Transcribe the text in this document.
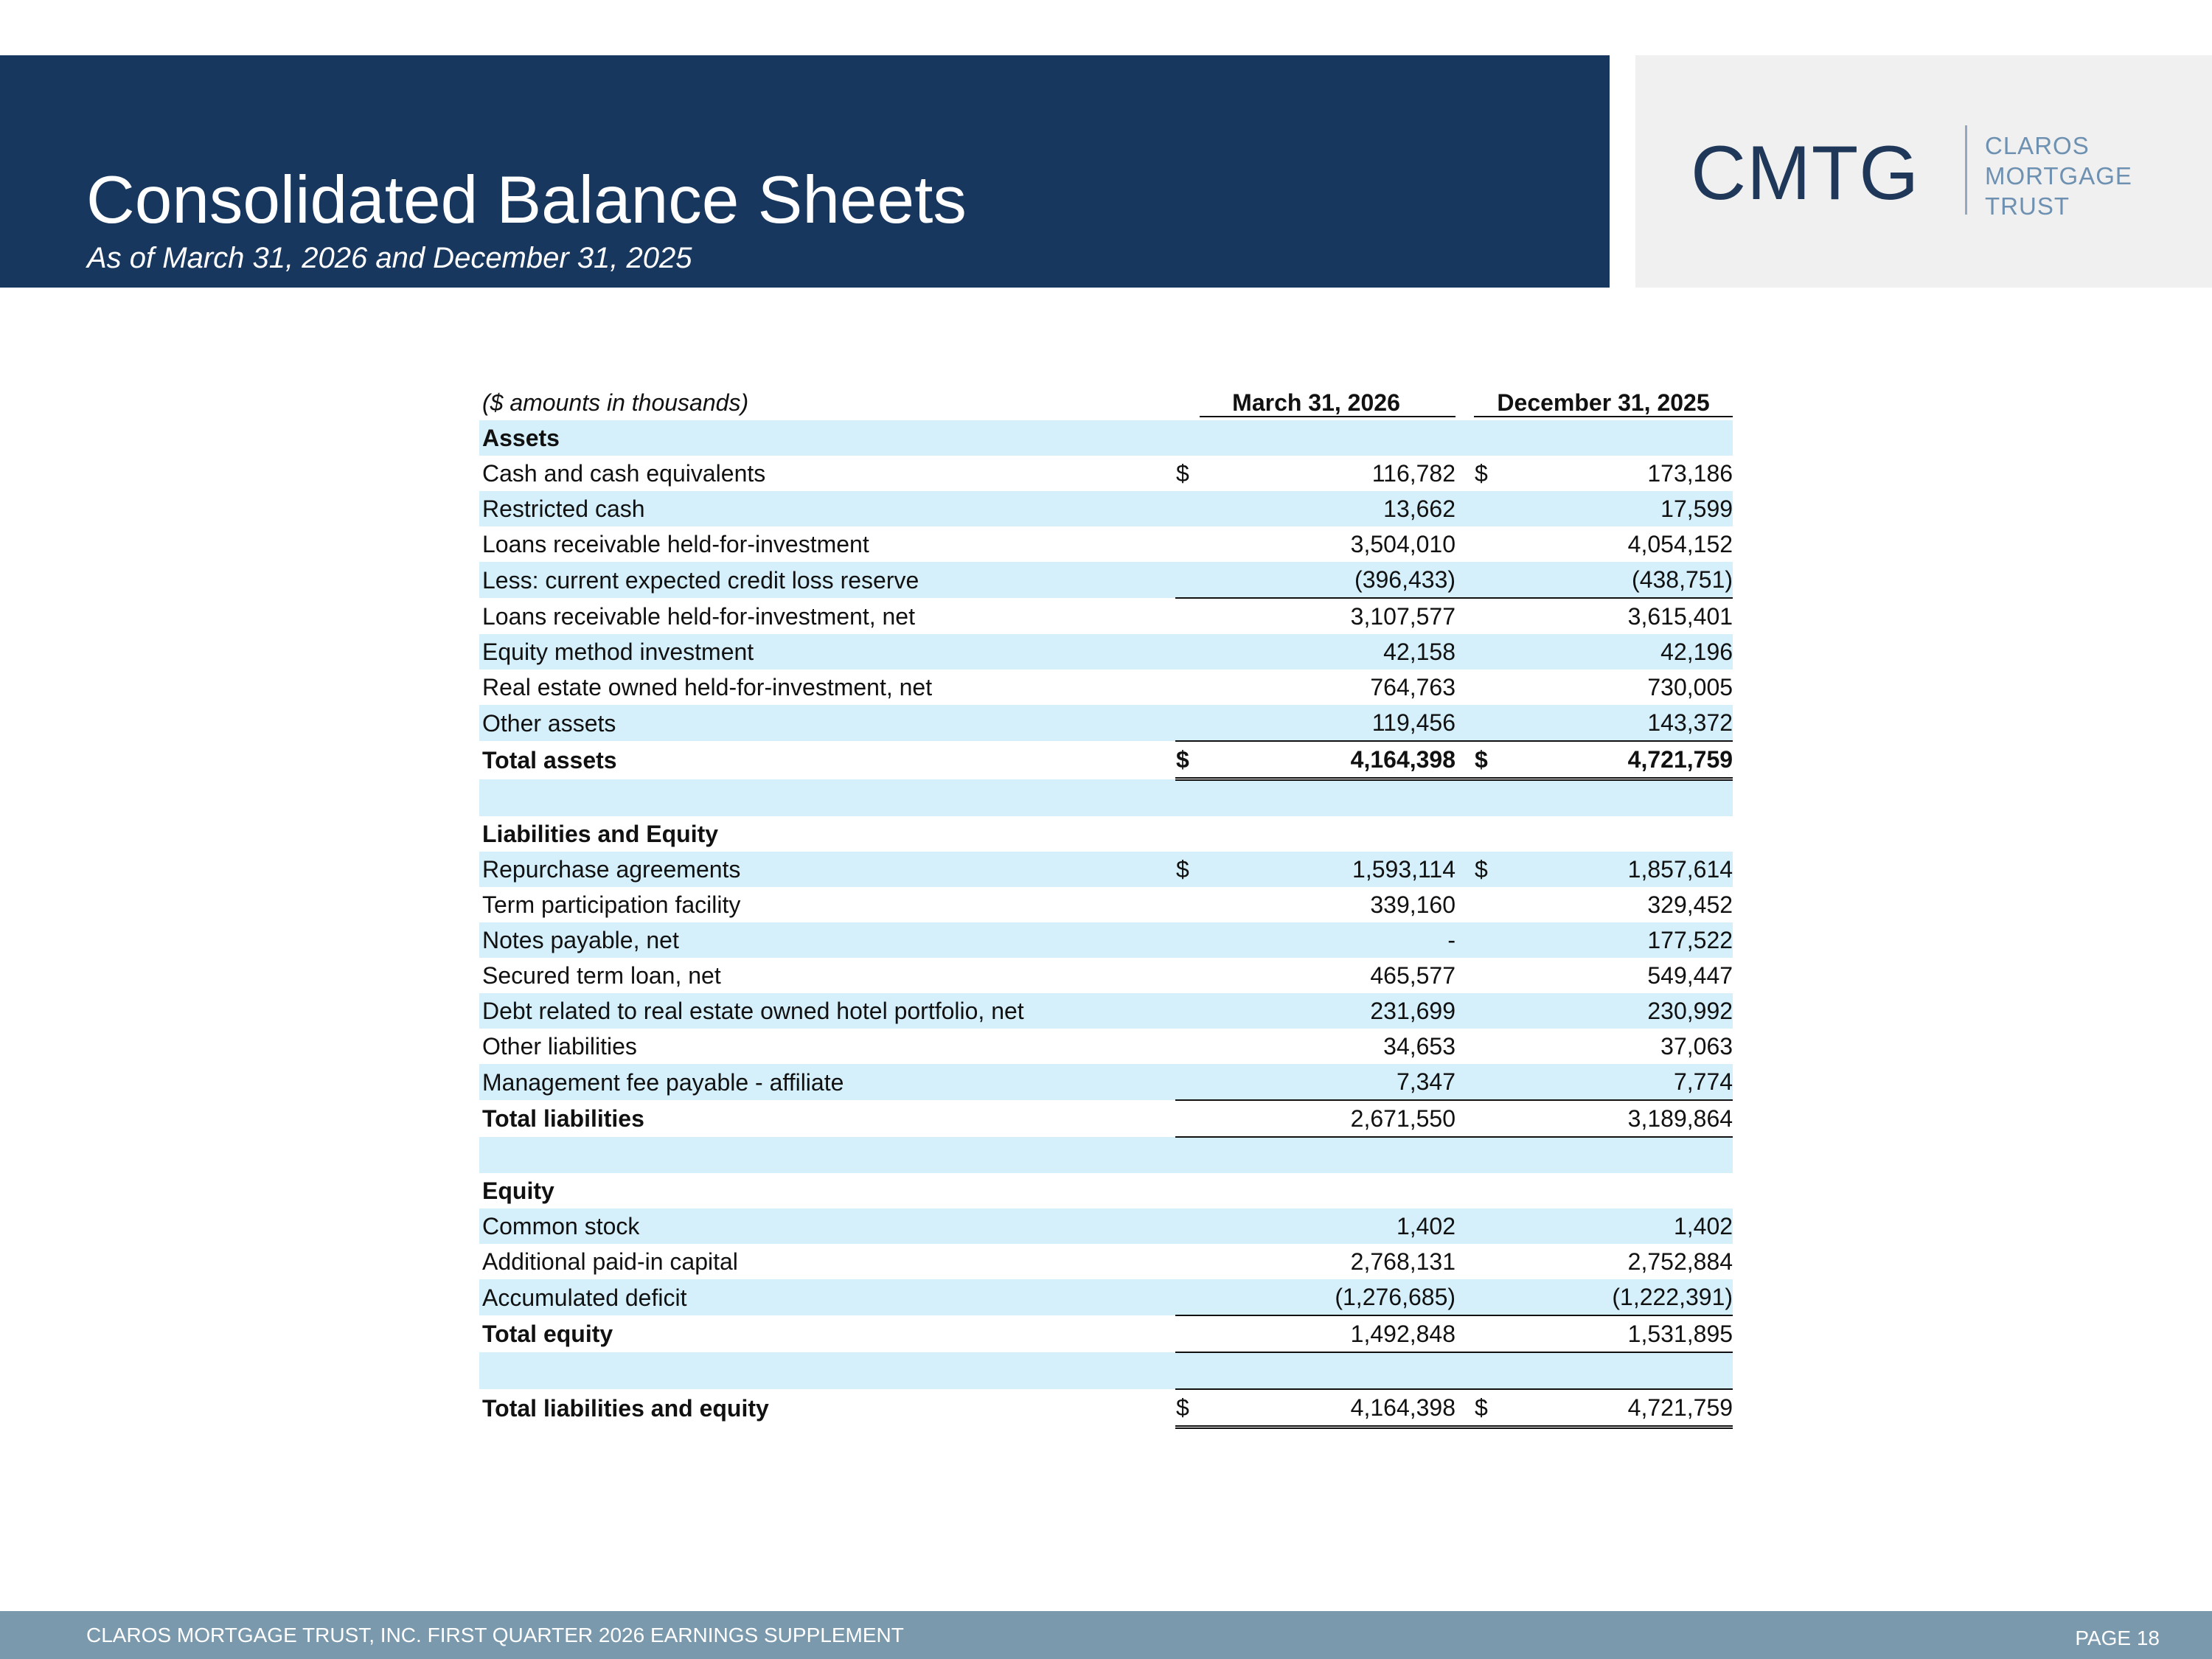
Consolidated Balance Sheets

As of March 31, 2026 and December 31, 2025

CMTG	CLAROS
MORTGAGE
TRUST
($ amounts in thousands)	March 31, 2026			December 31, 2025	
Assets					
Cash and cash equivalents	$	116,782		$	173,186
Restricted cash		13,662			17,599
Loans receivable held-for-investment		3,504,010			4,054,152
Less: current expected credit loss reserve		(396,433)			(438,751)
Loans receivable held-for-investment, net		3,107,577			3,615,401
Equity method investment		42,158			42,196
Real estate owned held-for-investment, net		764,763			730,005
Other assets		119,456			143,372
Total assets	$	4,164,398		$	4,721,759

Liabilities and Equity					
Repurchase agreements	$	1,593,114		$	1,857,614
Term participation facility		339,160			329,452
Notes payable, net		-			177,522
Secured term loan, net		465,577			549,447
Debt related to real estate owned hotel portfolio, net		231,699			230,992
Other liabilities		34,653			37,063
Management fee payable - affiliate		7,347			7,774
Total liabilities		2,671,550			3,189,864

Equity					
Common stock		1,402			1,402
Additional paid-in capital		2,768,131			2,752,884
Accumulated deficit		(1,276,685)			(1,222,391)
Total equity		1,492,848			1,531,895

Total liabilities and equity	$	4,164,398		$	4,721,759
CLAROS MORTGAGE TRUST, INC. FIRST QUARTER 2026 EARNINGS SUPPLEMENT	PAGE 18
